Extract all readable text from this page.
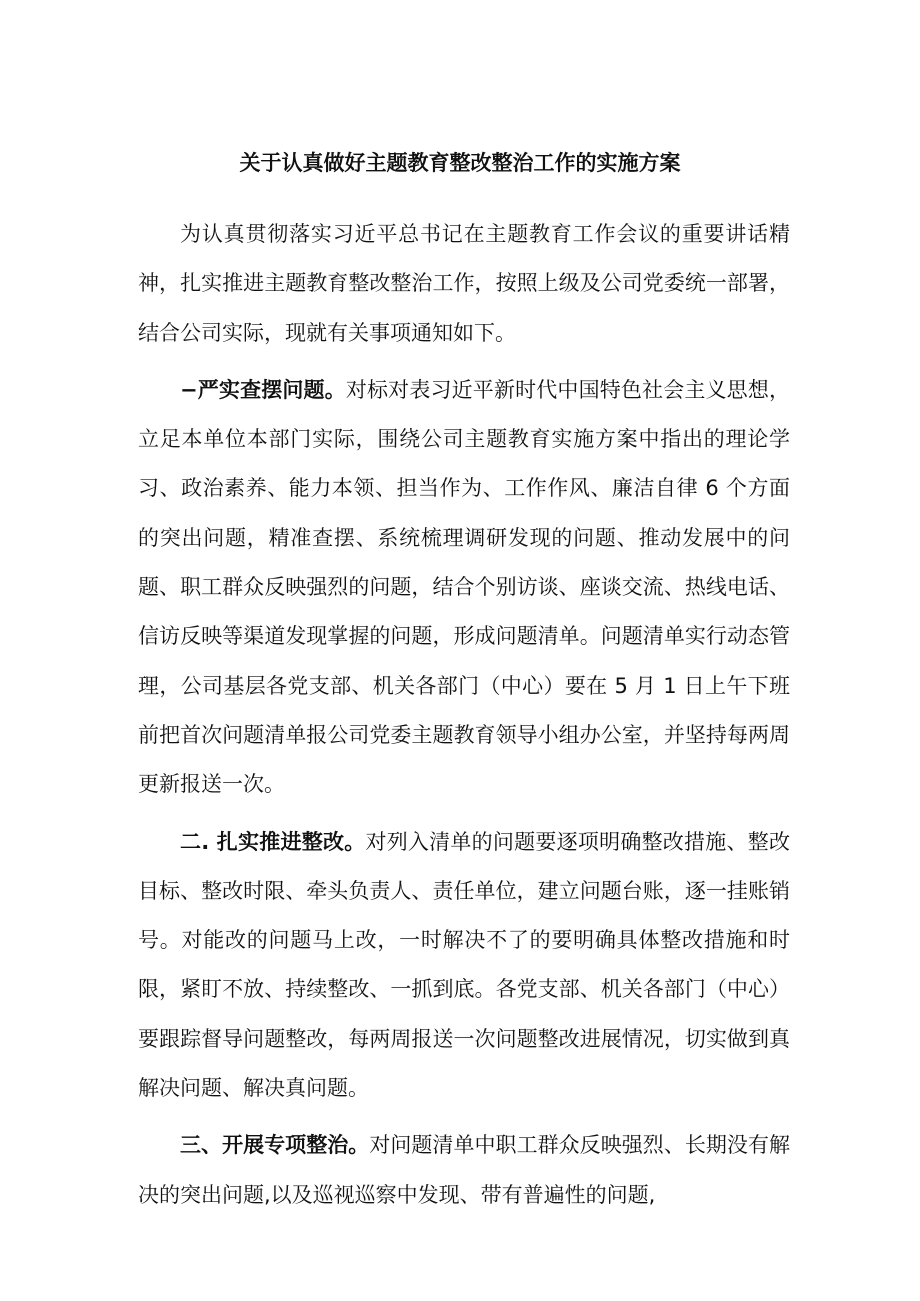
关于认真做好主题教育整改整治工作的实施方案

为认真贯彻落实习近平总书记在主题教育工作会议的重要讲话精神，扎实推进主题教育整改整治工作，按照上级及公司党委统一部署，结合公司实际，现就有关事项通知如下。

−严实查摆问题。对标对表习近平新时代中国特色社会主义思想，立足本单位本部门实际，围绕公司主题教育实施方案中指出的理论学习、政治素养、能力本领、担当作为、工作作风、廉洁自律 6 个方面的突出问题，精准查摆、系统梳理调研发现的问题、推动发展中的问题、职工群众反映强烈的问题，结合个别访谈、座谈交流、热线电话、信访反映等渠道发现掌握的问题，形成问题清单。问题清单实行动态管理，公司基层各党支部、机关各部门（中心）要在 5 月 1 日上午下班前把首次问题清单报公司党委主题教育领导小组办公室，并坚持每两周更新报送一次。

二. 扎实推进整改。对列入清单的问题要逐项明确整改措施、整改目标、整改时限、牵头负责人、责任单位，建立问题台账，逐一挂账销号。对能改的问题马上改，一时解决不了的要明确具体整改措施和时限，紧盯不放、持续整改、一抓到底。各党支部、机关各部门（中心）要跟踪督导问题整改，每两周报送一次问题整改进展情况，切实做到真解决问题、解决真问题。

三、开展专项整治。对问题清单中职工群众反映强烈、长期没有解决的突出问题,以及巡视巡察中发现、带有普遍性的问题,
